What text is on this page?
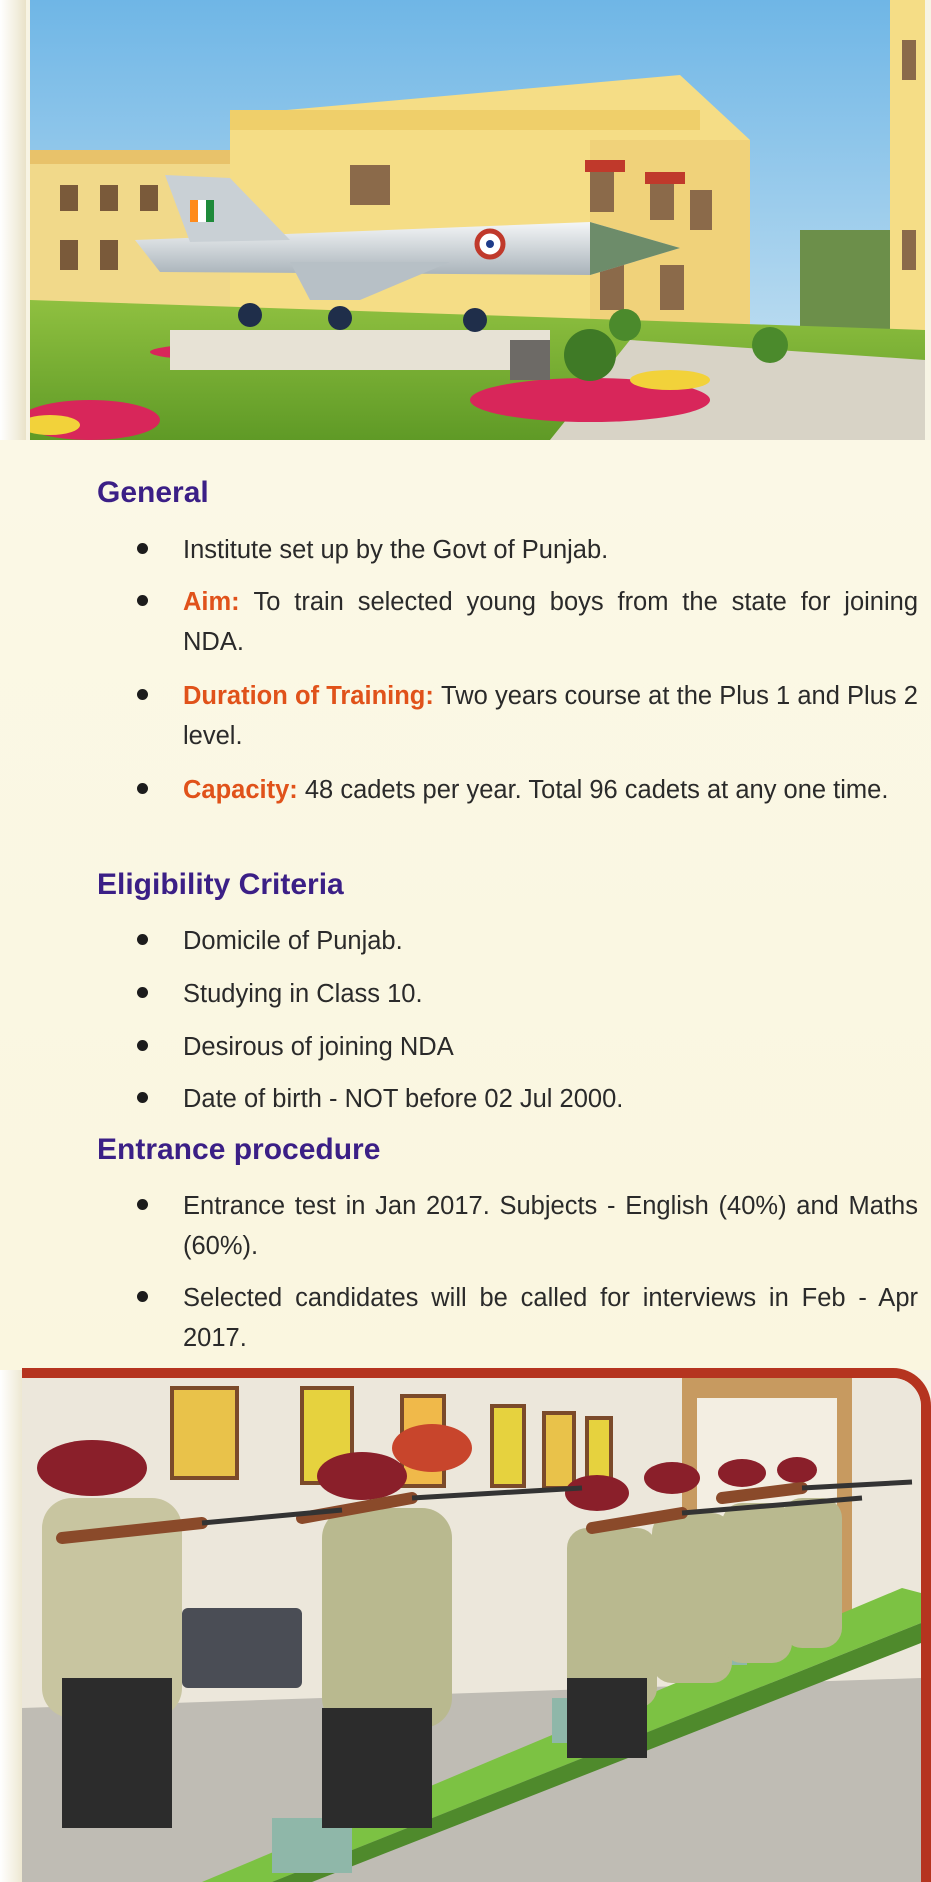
General
Institute set up by the Govt of Punjab.
Aim: To train selected young boys from the state for joining NDA.
Duration of Training: Two years course at the Plus 1 and Plus 2 level.
Capacity: 48 cadets per year. Total 96 cadets at any one time.
Eligibility Criteria
Domicile of Punjab.
Studying in Class 10.
Desirous of joining NDA
Date of birth - NOT before 02 Jul 2000.
Entrance procedure
Entrance test in Jan 2017. Subjects - English (40%) and Maths (60%).
Selected candidates will be called for interviews in Feb - Apr 2017.
